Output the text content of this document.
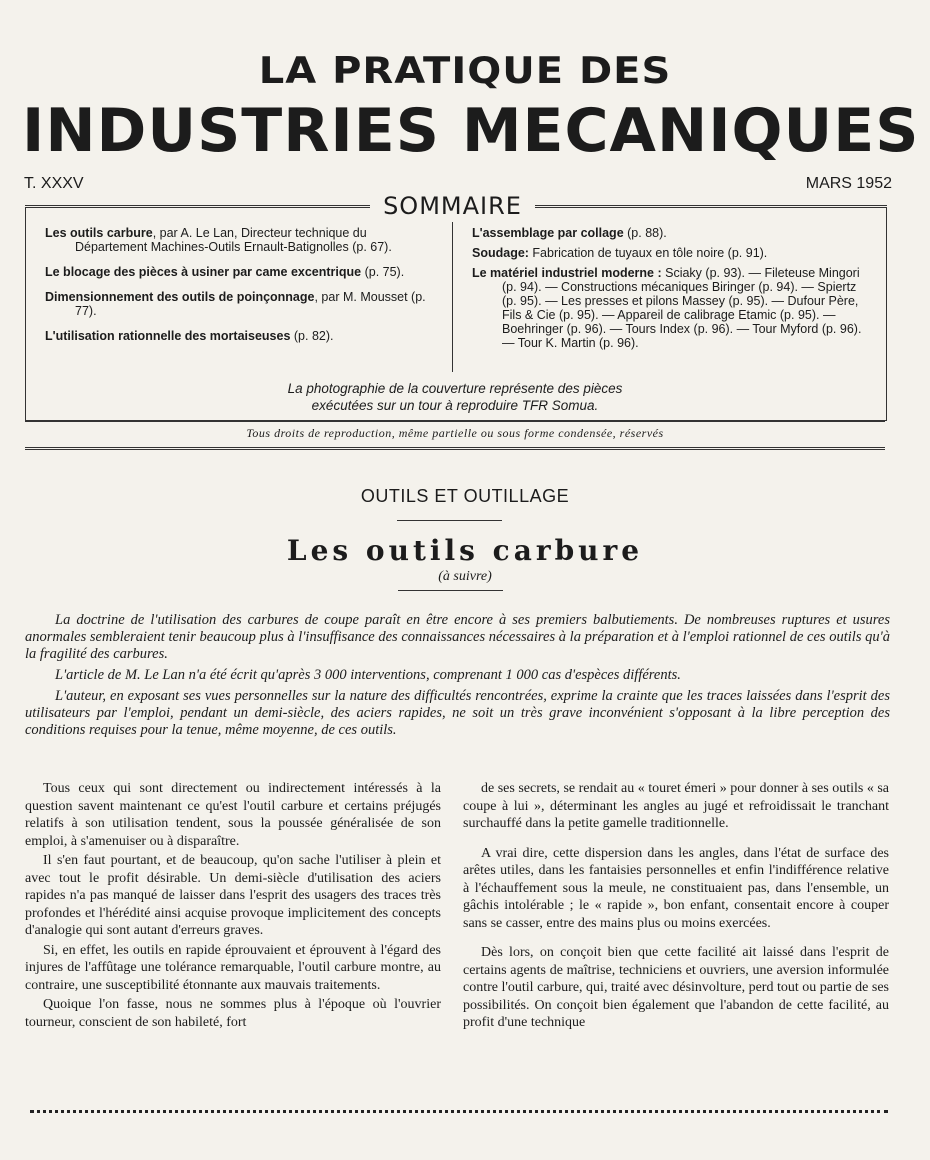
LA PRATIQUE DES
INDUSTRIES MECANIQUES
T. XXXV	MARS 1952
SOMMAIRE
Les outils carbure, par A. Le Lan, Directeur technique du Département Machines-Outils Ernault-Batignolles (p. 67).
Le blocage des pièces à usiner par came excentrique (p. 75).
Dimensionnement des outils de poinçonnage, par M. Mousset (p. 77).
L'utilisation rationnelle des mortaiseuses (p. 82).
L'assemblage par collage (p. 88).
Soudage: Fabrication de tuyaux en tôle noire (p. 91).
Le matériel industriel moderne : Sciaky (p. 93). — Fileteuse Mingori (p. 94). — Constructions mécaniques Biringer (p. 94). — Spiertz (p. 95). — Les presses et pilons Massey (p. 95). — Dufour Père, Fils & Cie (p. 95). — Appareil de calibrage Etamic (p. 95). — Boehringer (p. 96). — Tours Index (p. 96). — Tour Myford (p. 96). — Tour K. Martin (p. 96).
La photographie de la couverture représente des pièces
exécutées sur un tour à reproduire TFR Somua.
Tous droits de reproduction, même partielle ou sous forme condensée, réservés
OUTILS ET OUTILLAGE
Les outils carbure
(à suivre)

La doctrine de l'utilisation des carbures de coupe paraît en être encore à ses premiers balbutiements. De nombreuses ruptures et usures anormales sembleraient tenir beaucoup plus à l'insuffisance des connaissances nécessaires à la préparation et à l'emploi rationnel de ces outils qu'à la fragilité des carbures.

L'article de M. Le Lan n'a été écrit qu'après 3 000 interventions, comprenant 1 000 cas d'espèces différents.

L'auteur, en exposant ses vues personnelles sur la nature des difficultés rencontrées, exprime la crainte que les traces laissées dans l'esprit des utilisateurs par l'emploi, pendant un demi-siècle, des aciers rapides, ne soit un très grave inconvénient s'opposant à la libre perception des conditions requises pour la tenue, même moyenne, de ces outils.

Tous ceux qui sont directement ou indirectement intéressés à la question savent maintenant ce qu'est l'outil carbure et certains préjugés relatifs à son utilisation tendent, sous la poussée généralisée de son emploi, à s'amenuiser ou à disparaître.

Il s'en faut pourtant, et de beaucoup, qu'on sache l'utiliser à plein et avec tout le profit désirable. Un demi-siècle d'utilisation des aciers rapides n'a pas manqué de laisser dans l'esprit des usagers des traces très profondes et l'hérédité ainsi acquise provoque implicitement des concepts d'analogie qui sont autant d'erreurs graves.

Si, en effet, les outils en rapide éprouvaient et éprouvent à l'égard des injures de l'affûtage une tolérance remarquable, l'outil carbure montre, au contraire, une susceptibilité étonnante aux mauvais traitements.

Quoique l'on fasse, nous ne sommes plus à l'époque où l'ouvrier tourneur, conscient de son habileté, fort

de ses secrets, se rendait au « touret émeri » pour donner à ses outils « sa coupe à lui », déterminant les angles au jugé et refroidissait le tranchant surchauffé dans la petite gamelle traditionnelle.

A vrai dire, cette dispersion dans les angles, dans l'état de surface des arêtes utiles, dans les fantaisies personnelles et enfin l'indifférence relative à l'échauffement sous la meule, ne constituaient pas, dans l'ensemble, un gâchis intolérable ; le « rapide », bon enfant, consentait encore à couper sans se casser, entre des mains plus ou moins exercées.

Dès lors, on conçoit bien que cette facilité ait laissé dans l'esprit de certains agents de maîtrise, techniciens et ouvriers, une aversion informulée contre l'outil carbure, qui, traité avec désinvolture, perd tout ou partie de ses possibilités. On conçoit bien également que l'abandon de cette facilité, au profit d'une technique
